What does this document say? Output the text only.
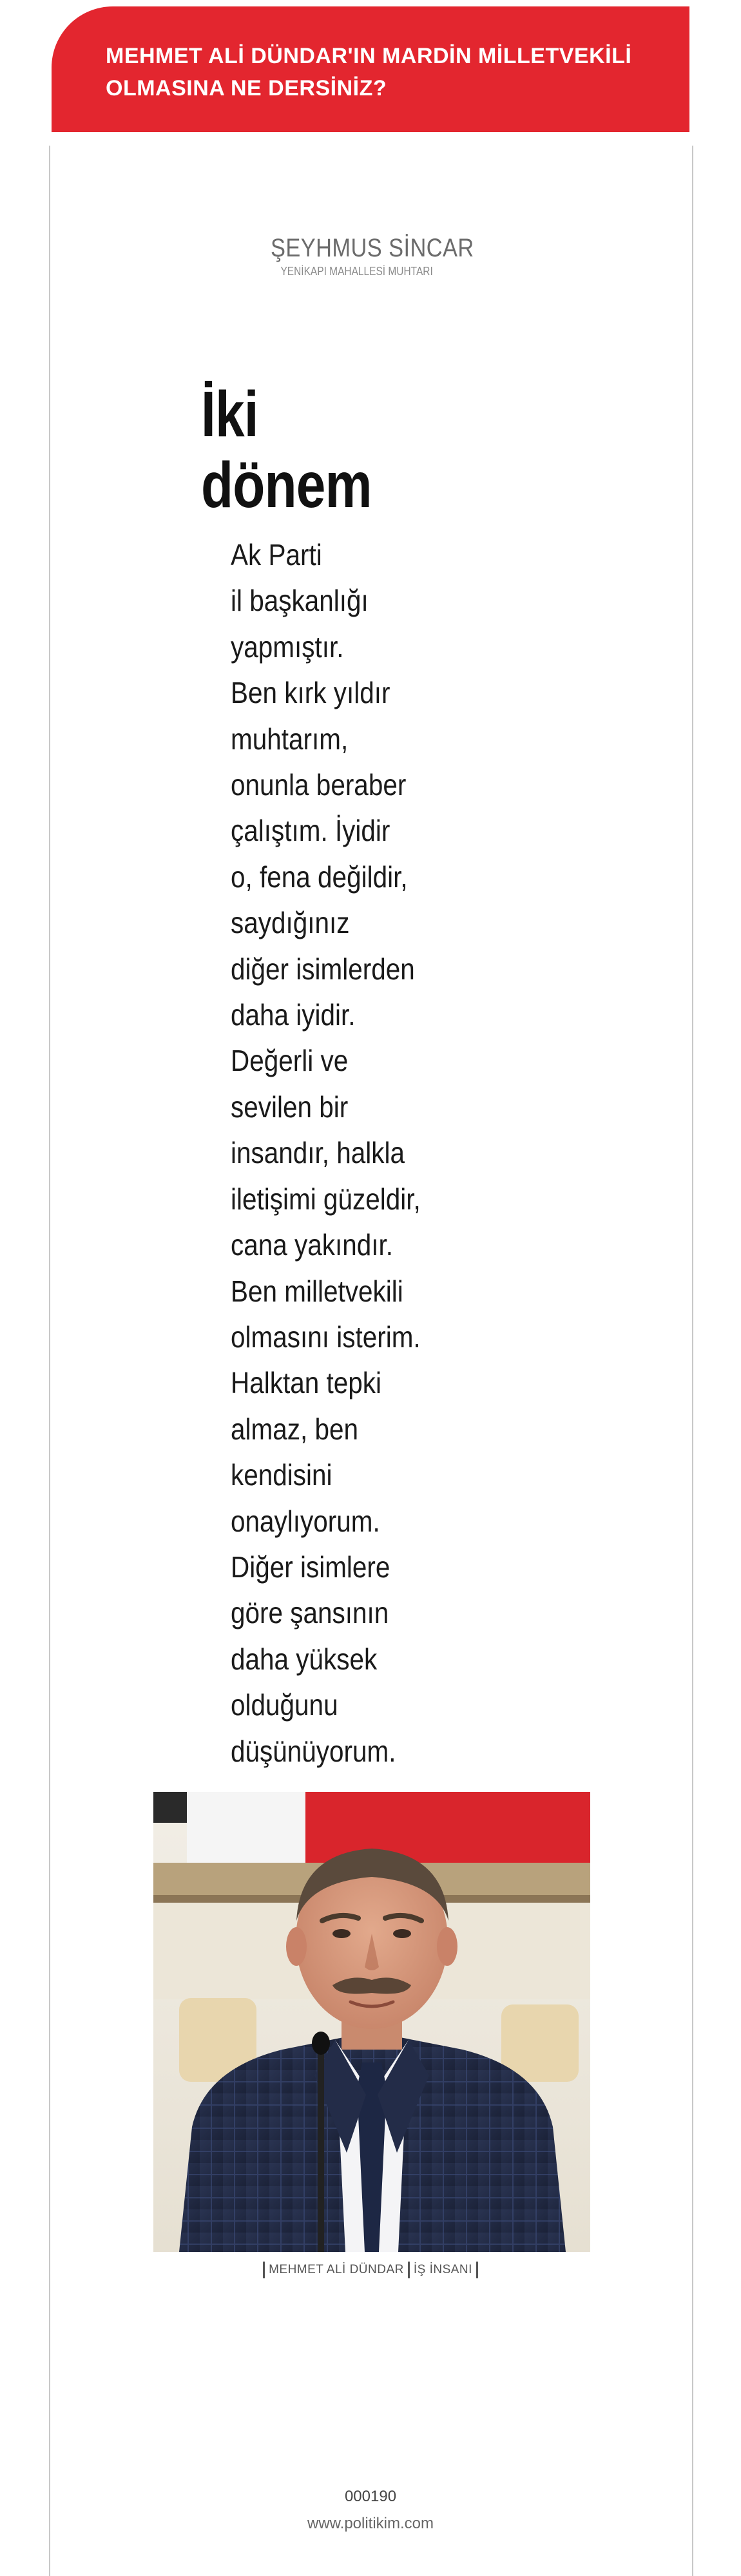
MEHMET ALİ DÜNDAR'IN MARDİN MİLLETVEKİLİ
OLMASINA NE DERSİNİZ?
ŞEYHMUS SİNCAR
YENİKAPI MAHALLESİ MUHTARI
İki
dönem
Ak Parti
il başkanlığı
yapmıştır.
Ben kırk yıldır
muhtarım,
onunla beraber
çalıştım. İyidir
o, fena değildir,
saydığınız
diğer isimlerden
daha iyidir.
Değerli ve
sevilen bir
insandır, halkla
iletişimi güzeldir,
cana yakındır.
Ben milletvekili
olmasını isterim.
Halktan tepki
almaz, ben
kendisini
onaylıyorum.
Diğer isimlere
göre şansının
daha yüksek
olduğunu
düşünüyorum.
MEHMET ALİ DÜNDAR İŞ İNSANI
000190
www.politikim.com
